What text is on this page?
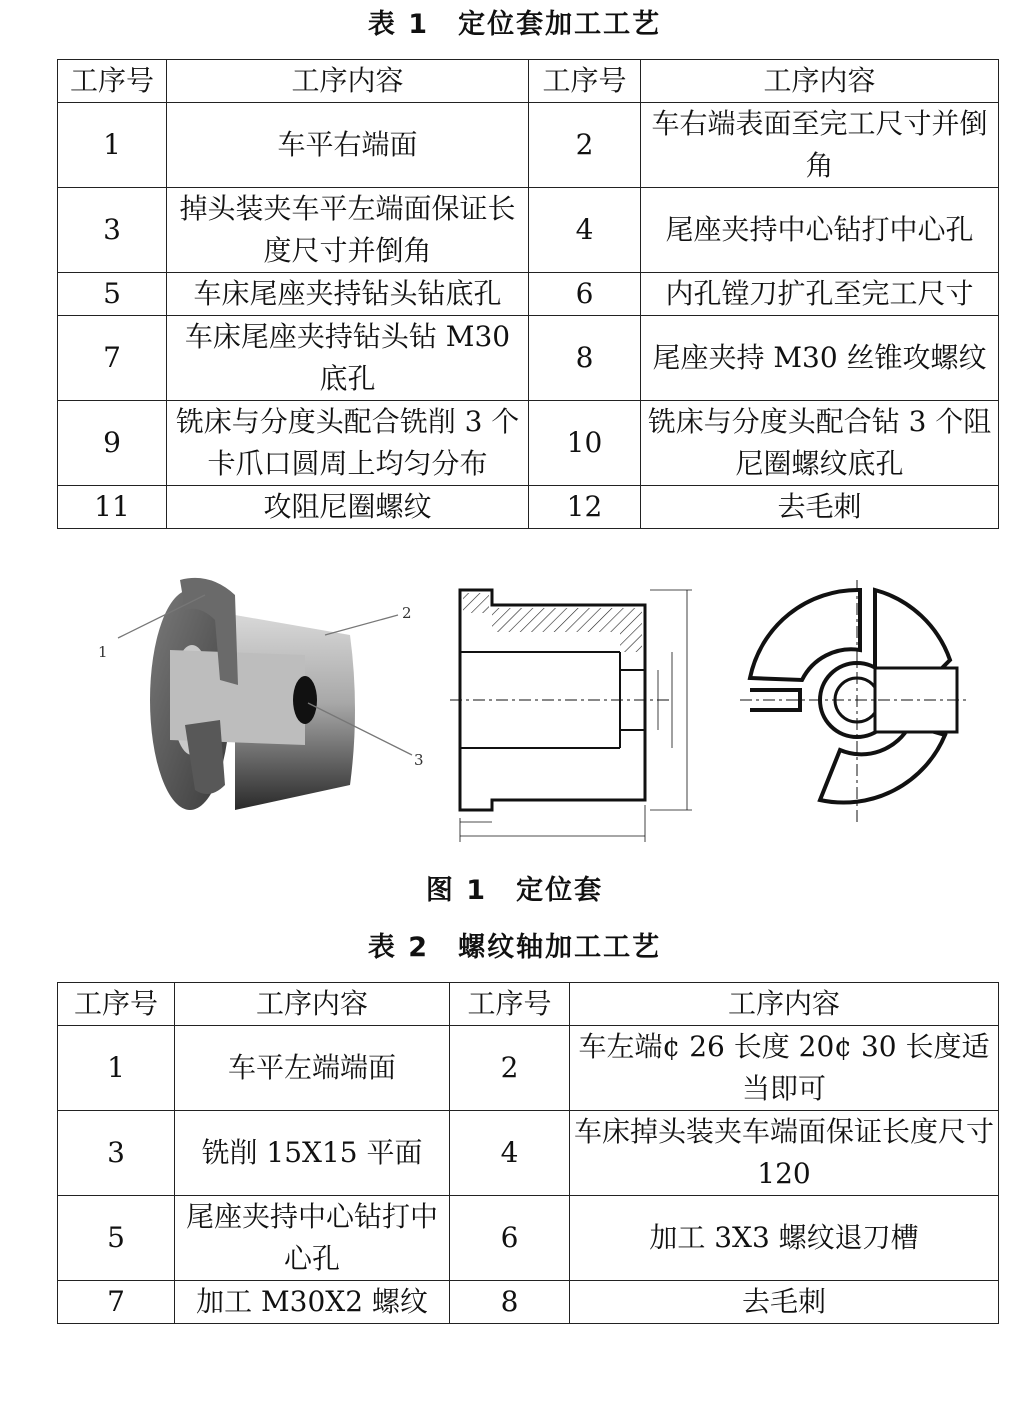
表 1　定位套加工工艺
工序号	工序内容	工序号	工序内容
1	车平右端面	2	车右端表面至完工尺寸并倒角
3	掉头装夹车平左端面保证长度尺寸并倒角	4	尾座夹持中心钻打中心孔
5	车床尾座夹持钻头钻底孔	6	内孔镗刀扩孔至完工尺寸
7	车床尾座夹持钻头钻 M30 底孔	8	尾座夹持 M30 丝锥攻螺纹
9	铣床与分度头配合铣削 3 个卡爪口圆周上均匀分布	10	铣床与分度头配合钻 3 个阻尼圈螺纹底孔
11	攻阻尼圈螺纹	12	去毛刺
1
2
3
图 1　定位套
表 2　螺纹轴加工工艺
工序号	工序内容	工序号	工序内容
1	车平左端端面	2	车左端¢ 26 长度 20¢ 30 长度适当即可
3	铣削 15X15 平面	4	车床掉头装夹车端面保证长度尺寸 120
5	尾座夹持中心钻打中心孔	6	加工 3X3 螺纹退刀槽
7	加工 M30X2 螺纹	8	去毛刺
